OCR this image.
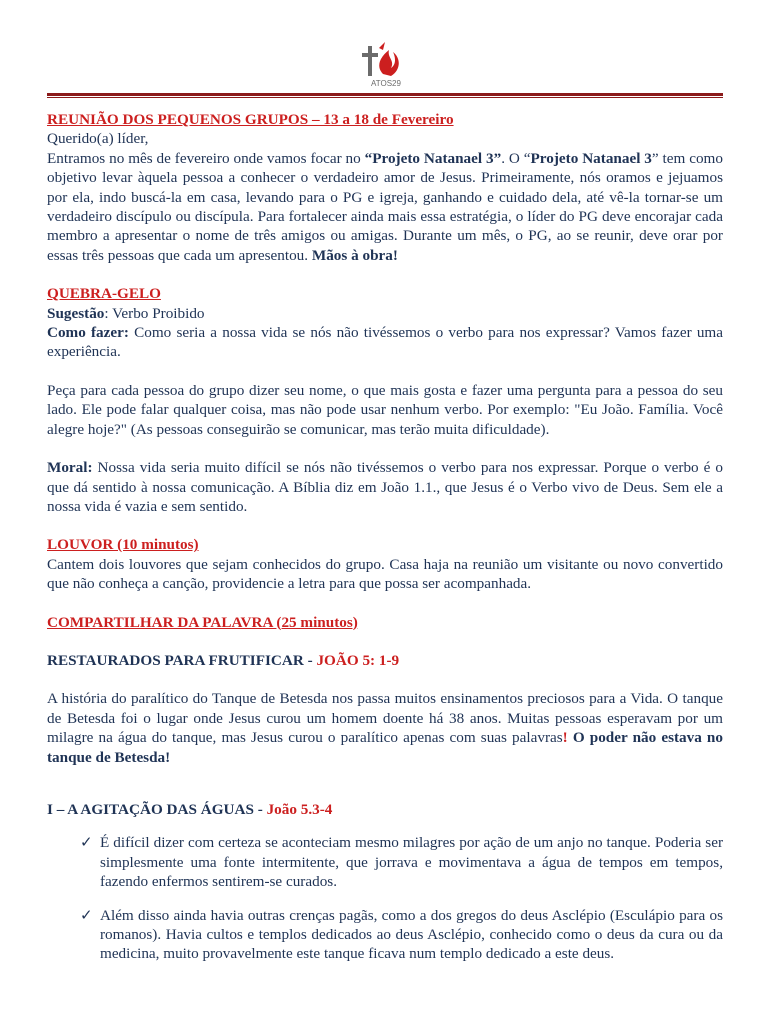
ATOS29

REUNIÃO DOS PEQUENOS GRUPOS – 13 a 18 de Fevereiro

Querido(a) líder,

Entramos no mês de fevereiro onde vamos focar no “Projeto Natanael 3”. O “Projeto Natanael 3” tem como objetivo levar àquela pessoa a conhecer o verdadeiro amor de Jesus. Primeiramente, nós oramos e jejuamos por ela, indo buscá-la em casa, levando para o PG e igreja, ganhando e cuidado dela, até vê-la tornar-se um verdadeiro discípulo ou discípula. Para fortalecer ainda mais essa estratégia, o líder do PG deve encorajar cada membro a apresentar o nome de três amigos ou amigas. Durante um mês, o PG, ao se reunir, deve orar por essas três pessoas que cada um apresentou. Mãos à obra!

QUEBRA-GELO

Sugestão: Verbo Proibido

Como fazer: Como seria a nossa vida se nós não tivéssemos o verbo para nos expressar? Vamos fazer uma experiência.

Peça para cada pessoa do grupo dizer seu nome, o que mais gosta e fazer uma pergunta para a pessoa do seu lado. Ele pode falar qualquer coisa, mas não pode usar nenhum verbo. Por exemplo: "Eu João. Família. Você alegre hoje?" (As pessoas conseguirão se comunicar, mas terão muita dificuldade).

Moral: Nossa vida seria muito difícil se nós não tivéssemos o verbo para nos expressar. Porque o verbo é o que dá sentido à nossa comunicação. A Bíblia diz em João 1.1., que Jesus é o Verbo vivo de Deus. Sem ele a nossa vida é vazia e sem sentido.

LOUVOR (10 minutos)

Cantem dois louvores que sejam conhecidos do grupo. Casa haja na reunião um visitante ou novo convertido que não conheça a canção, providencie a letra para que possa ser acompanhada.

COMPARTILHAR DA PALAVRA (25 minutos)

RESTAURADOS PARA FRUTIFICAR - JOÃO 5: 1-9

A história do paralítico do Tanque de Betesda nos passa muitos ensinamentos preciosos para a Vida. O tanque de Betesda foi o lugar onde Jesus curou um homem doente há 38 anos. Muitas pessoas esperavam por um milagre na água do tanque, mas Jesus curou o paralítico apenas com suas palavras! O poder não estava no tanque de Betesda!

I – A AGITAÇÃO DAS ÁGUAS - João 5.3-4

✓ É difícil dizer com certeza se aconteciam mesmo milagres por ação de um anjo no tanque. Poderia ser simplesmente uma fonte intermitente, que jorrava e movimentava a água de tempos em tempos, fazendo enfermos sentirem-se curados.

✓ Além disso ainda havia outras crenças pagãs, como a dos gregos do deus Asclépio (Esculápio para os romanos). Havia cultos e templos dedicados ao deus Asclépio, conhecido como o deus da cura ou da medicina, muito provavelmente este tanque ficava num templo dedicado a este deus.
